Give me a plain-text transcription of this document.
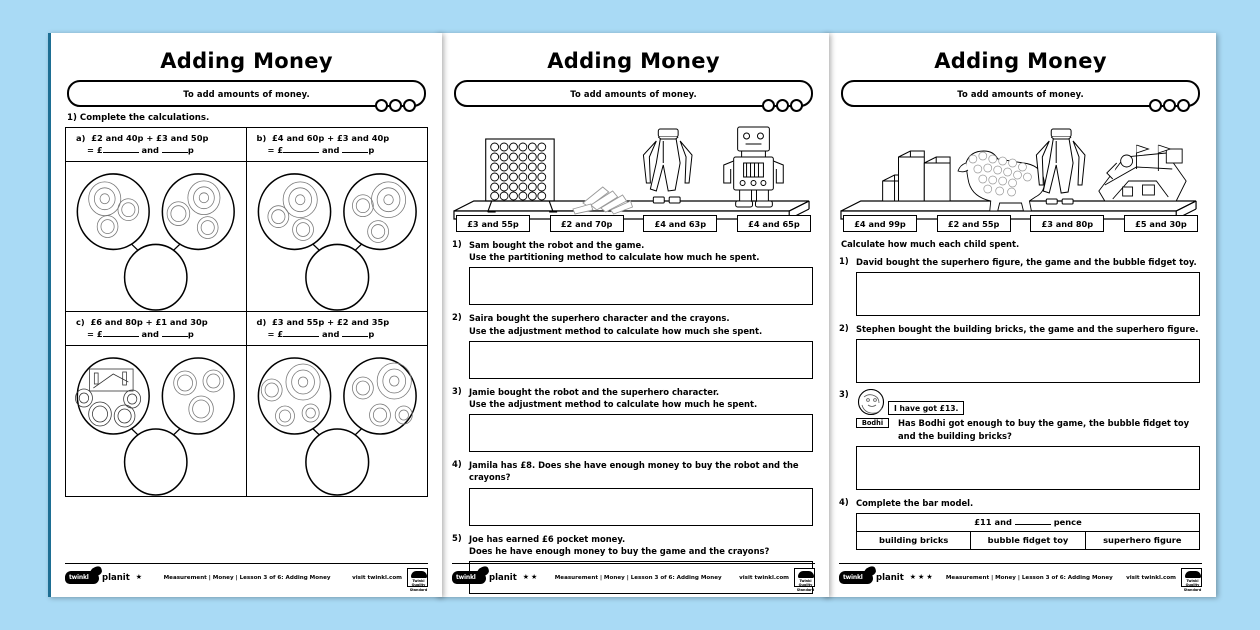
Adding Money
To add amounts of money.
1) Complete the calculations.
a) £2 and 40p + £3 and 50p
= £	and	p
b) £4 and 60p + £3 and 40p
= £	and	p
c) £6 and 80p + £1 and 30p
= £	and	p
d) £3 and 55p + £2 and 35p
= £	and	p
twinkl planit ★	Measurement | Money | Lesson 3 of 6: Adding Money	visit twinkl.com
Twinkl Quality Standard
Adding Money
To add amounts of money.
£3 and 55p	£2 and 70p	£4 and 63p	£4 and 65p
1) Sam bought the robot and the game.
Use the partitioning method to calculate how much he spent.
2) Saira bought the superhero character and the crayons.
Use the adjustment method to calculate how much she spent.
3) Jamie bought the robot and the superhero character.
Use the adjustment method to calculate how much he spent.
4) Jamila has £8. Does she have enough money to buy the robot and the crayons?
5) Joe has earned £6 pocket money.
Does he have enough money to buy the game and the crayons?
twinkl planit ★ ★	Measurement | Money | Lesson 3 of 6: Adding Money	visit twinkl.com
Twinkl Quality Standard
Adding Money
To add amounts of money.
£4 and 99p	£2 and 55p	£3 and 80p	£5 and 30p
Calculate how much each child spent.
1) David bought the superhero figure, the game and the bubble fidget toy.
2) Stephen bought the building bricks, the game and the superhero figure.
3)
Bodhi
I have got £13.
Has Bodhi got enough to buy the game, the bubble fidget toy
and the building bricks?
4) Complete the bar model.
£11 and	pence
building bricks	bubble fidget toy	superhero figure
twinkl planit ★ ★ ★	Measurement | Money | Lesson 3 of 6: Adding Money	visit twinkl.com
Twinkl Quality Standard
